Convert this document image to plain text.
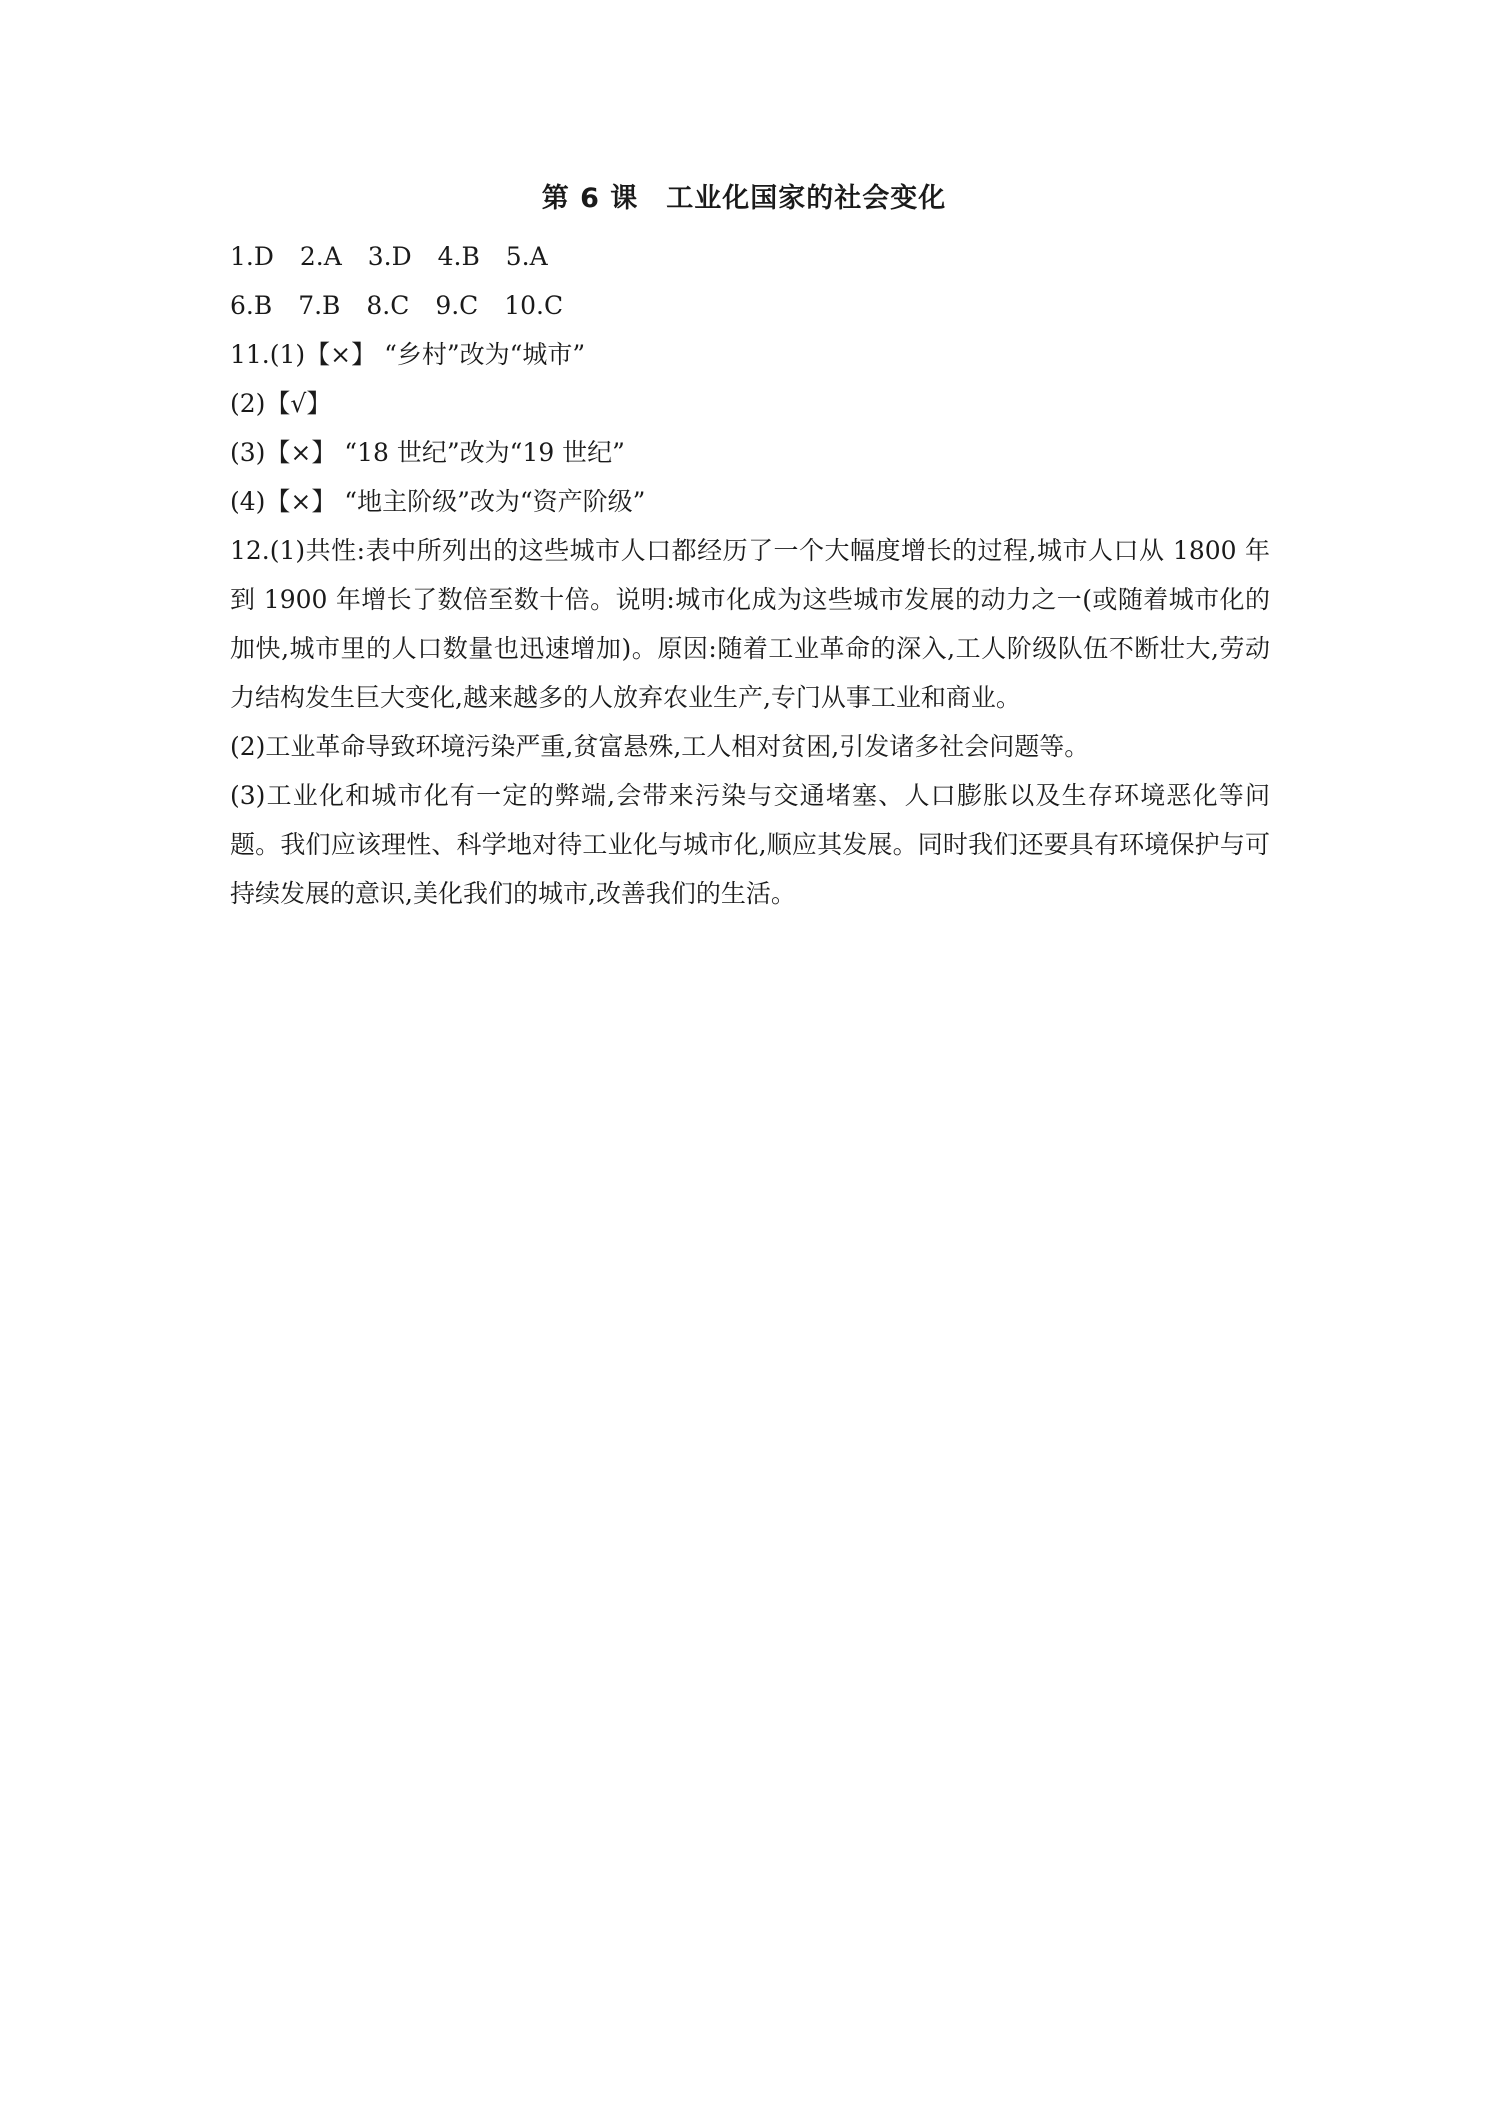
第 6 课　工业化国家的社会变化
1.D 2.A 3.D 4.B 5.A
6.B 7.B 8.C 9.C 10.C
11.(1)【×】 “乡村”改为“城市”
(2)【√】
(3)【×】 “18 世纪”改为“19 世纪”
(4)【×】 “地主阶级”改为“资产阶级”
12.(1)共性:表中所列出的这些城市人口都经历了一个大幅度增长的过程,城市人口从 1800 年到 1900 年增长了数倍至数十倍。说明:城市化成为这些城市发展的动力之一(或随着城市化的加快,城市里的人口数量也迅速增加)。原因:随着工业革命的深入,工人阶级队伍不断壮大,劳动力结构发生巨大变化,越来越多的人放弃农业生产,专门从事工业和商业。
(2)工业革命导致环境污染严重,贫富悬殊,工人相对贫困,引发诸多社会问题等。
(3)工业化和城市化有一定的弊端,会带来污染与交通堵塞、人口膨胀以及生存环境恶化等问题。我们应该理性、科学地对待工业化与城市化,顺应其发展。同时我们还要具有环境保护与可持续发展的意识,美化我们的城市,改善我们的生活。
